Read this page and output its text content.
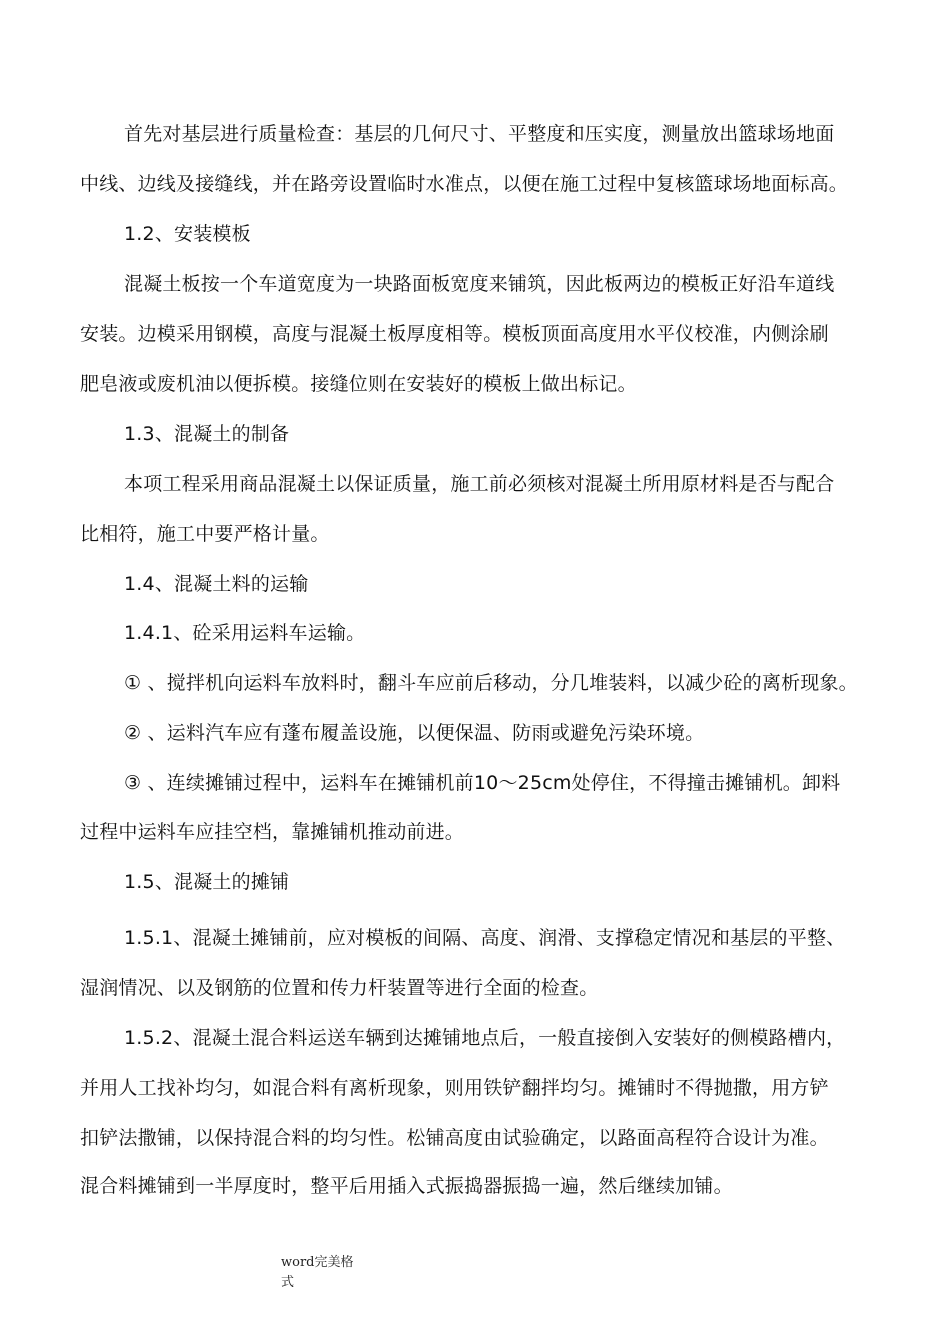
首先对基层进行质量检查：基层的几何尺寸、平整度和压实度，测量放出篮球场地面
中线、边线及接缝线，并在路旁设置临时水准点，以便在施工过程中复核篮球场地面标高。
1.2、安装模板
混凝土板按一个车道宽度为一块路面板宽度来铺筑，因此板两边的模板正好沿车道线
安装。边模采用钢模，高度与混凝土板厚度相等。模板顶面高度用水平仪校准，内侧涂刷
肥皂液或废机油以便拆模。接缝位则在安装好的模板上做出标记。
1.3、混凝土的制备
本项工程采用商品混凝土以保证质量，施工前必须核对混凝土所用原材料是否与配合
比相符，施工中要严格计量。
1.4、混凝土料的运输
1.4.1、砼采用运料车运输。
① 、搅拌机向运料车放料时，翻斗车应前后移动，分几堆装料，以减少砼的离析现象。
② 、运料汽车应有蓬布履盖设施，以便保温、防雨或避免污染环境。
③ 、连续摊铺过程中，运料车在摊铺机前10～25cm处停住，不得撞击摊铺机。卸料
过程中运料车应挂空档，靠摊铺机推动前进。
1.5、混凝土的摊铺
1.5.1、混凝土摊铺前，应对模板的间隔、高度、润滑、支撑稳定情况和基层的平整、
湿润情况、以及钢筋的位置和传力杆装置等进行全面的检查。
1.5.2、混凝土混合料运送车辆到达摊铺地点后，一般直接倒入安装好的侧模路槽内，
并用人工找补均匀，如混合料有离析现象，则用铁铲翻拌均匀。摊铺时不得抛撒，用方铲
扣铲法撒铺，以保持混合料的均匀性。松铺高度由试验确定，以路面高程符合设计为准。
混合料摊铺到一半厚度时，整平后用插入式振捣器振捣一遍，然后继续加铺。
word完美格式
